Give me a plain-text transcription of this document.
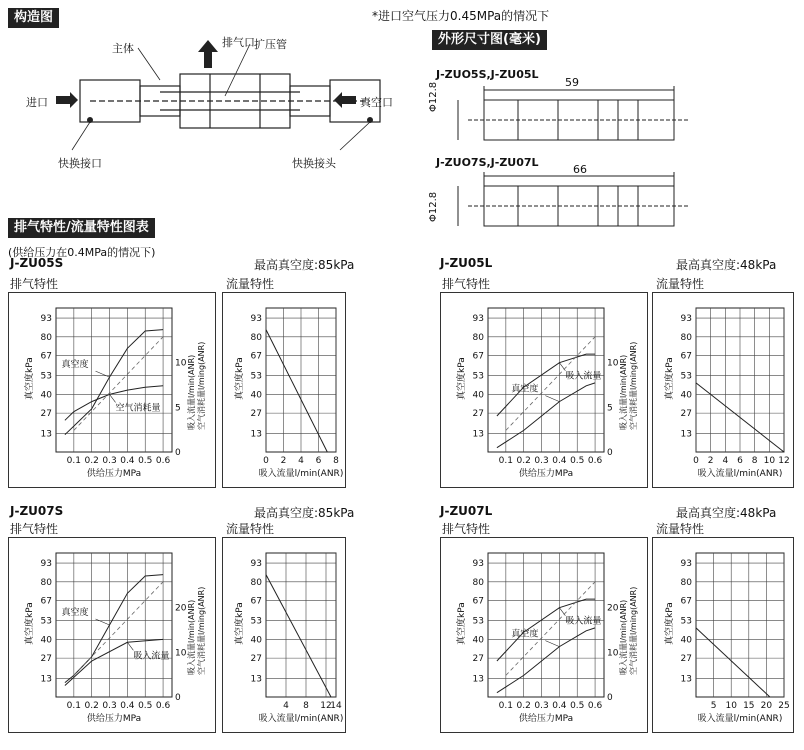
构造图	*进口空气压力0.45MPa的情况下
外形尺寸图(毫米)
排气特性/流量特性图表
(供给压力在0.4MPa的情况下)
主体	排气口 扩压管
进口	真空口
快换接口	快换接头
J-ZUO5S,J-ZU05L
59
Φ12.8
J-ZUO7S,J-ZU07L
66
Φ12.8
J-ZU05S	最高真空度:85kPa	J-ZU05L	最高真空度:48kPa
J-ZU07S	最高真空度:85kPa	J-ZU07L	最高真空度:48kPa
排气特性	流量特性	排气特性	流量特性
排气特性	流量特性	排气特性	流量特性
13
27
40
53
67
80
93
0.1 0.2 0.3 0.4 0.5 0.6
真空度kPa
供给压力MPa
0
5
10 吸入流量l/min(ANR) 空气消耗量l/ming(ANR)
真空度
空气消耗量
13
27
40
53
67
80
93
0 2 4 6 8
真空度kPa
吸入流量l/min(ANR)
13
27
40
53
67
80
93
0.1 0.2 0.3 0.4 0.5 0.6
真空度kPa
供给压力MPa
0
5
10 吸入流量l/min(ANR) 空气消耗量l/ming(ANR)
真空度
吸入流量
13
27
40
53
67
80
93
0 2 4 6 8 10 12
真空度kPa
吸入流量l/min(ANR)
13
27
40
53
67
80
93
0.1 0.2 0.3 0.4 0.5 0.6
真空度kPa
供给压力MPa
0
10
20 吸入流量l/min(ANR) 空气消耗量l/ming(ANR)
真空度
吸入流量
13
27
40
53
67
80
93
4 8 12
14
真空度kPa
吸入流量l/min(ANR)
13
27
40
53
67
80
93
0.1 0.2 0.3 0.4 0.5 0.6
真空度kPa
供给压力MPa
0
10
20 吸入流量l/min(ANR) 空气消耗量l/ming(ANR)
真空度
吸入流量
13
27
40
53
67
80
93
5 10 15 20 25
真空度kPa
吸入流量l/min(ANR)
